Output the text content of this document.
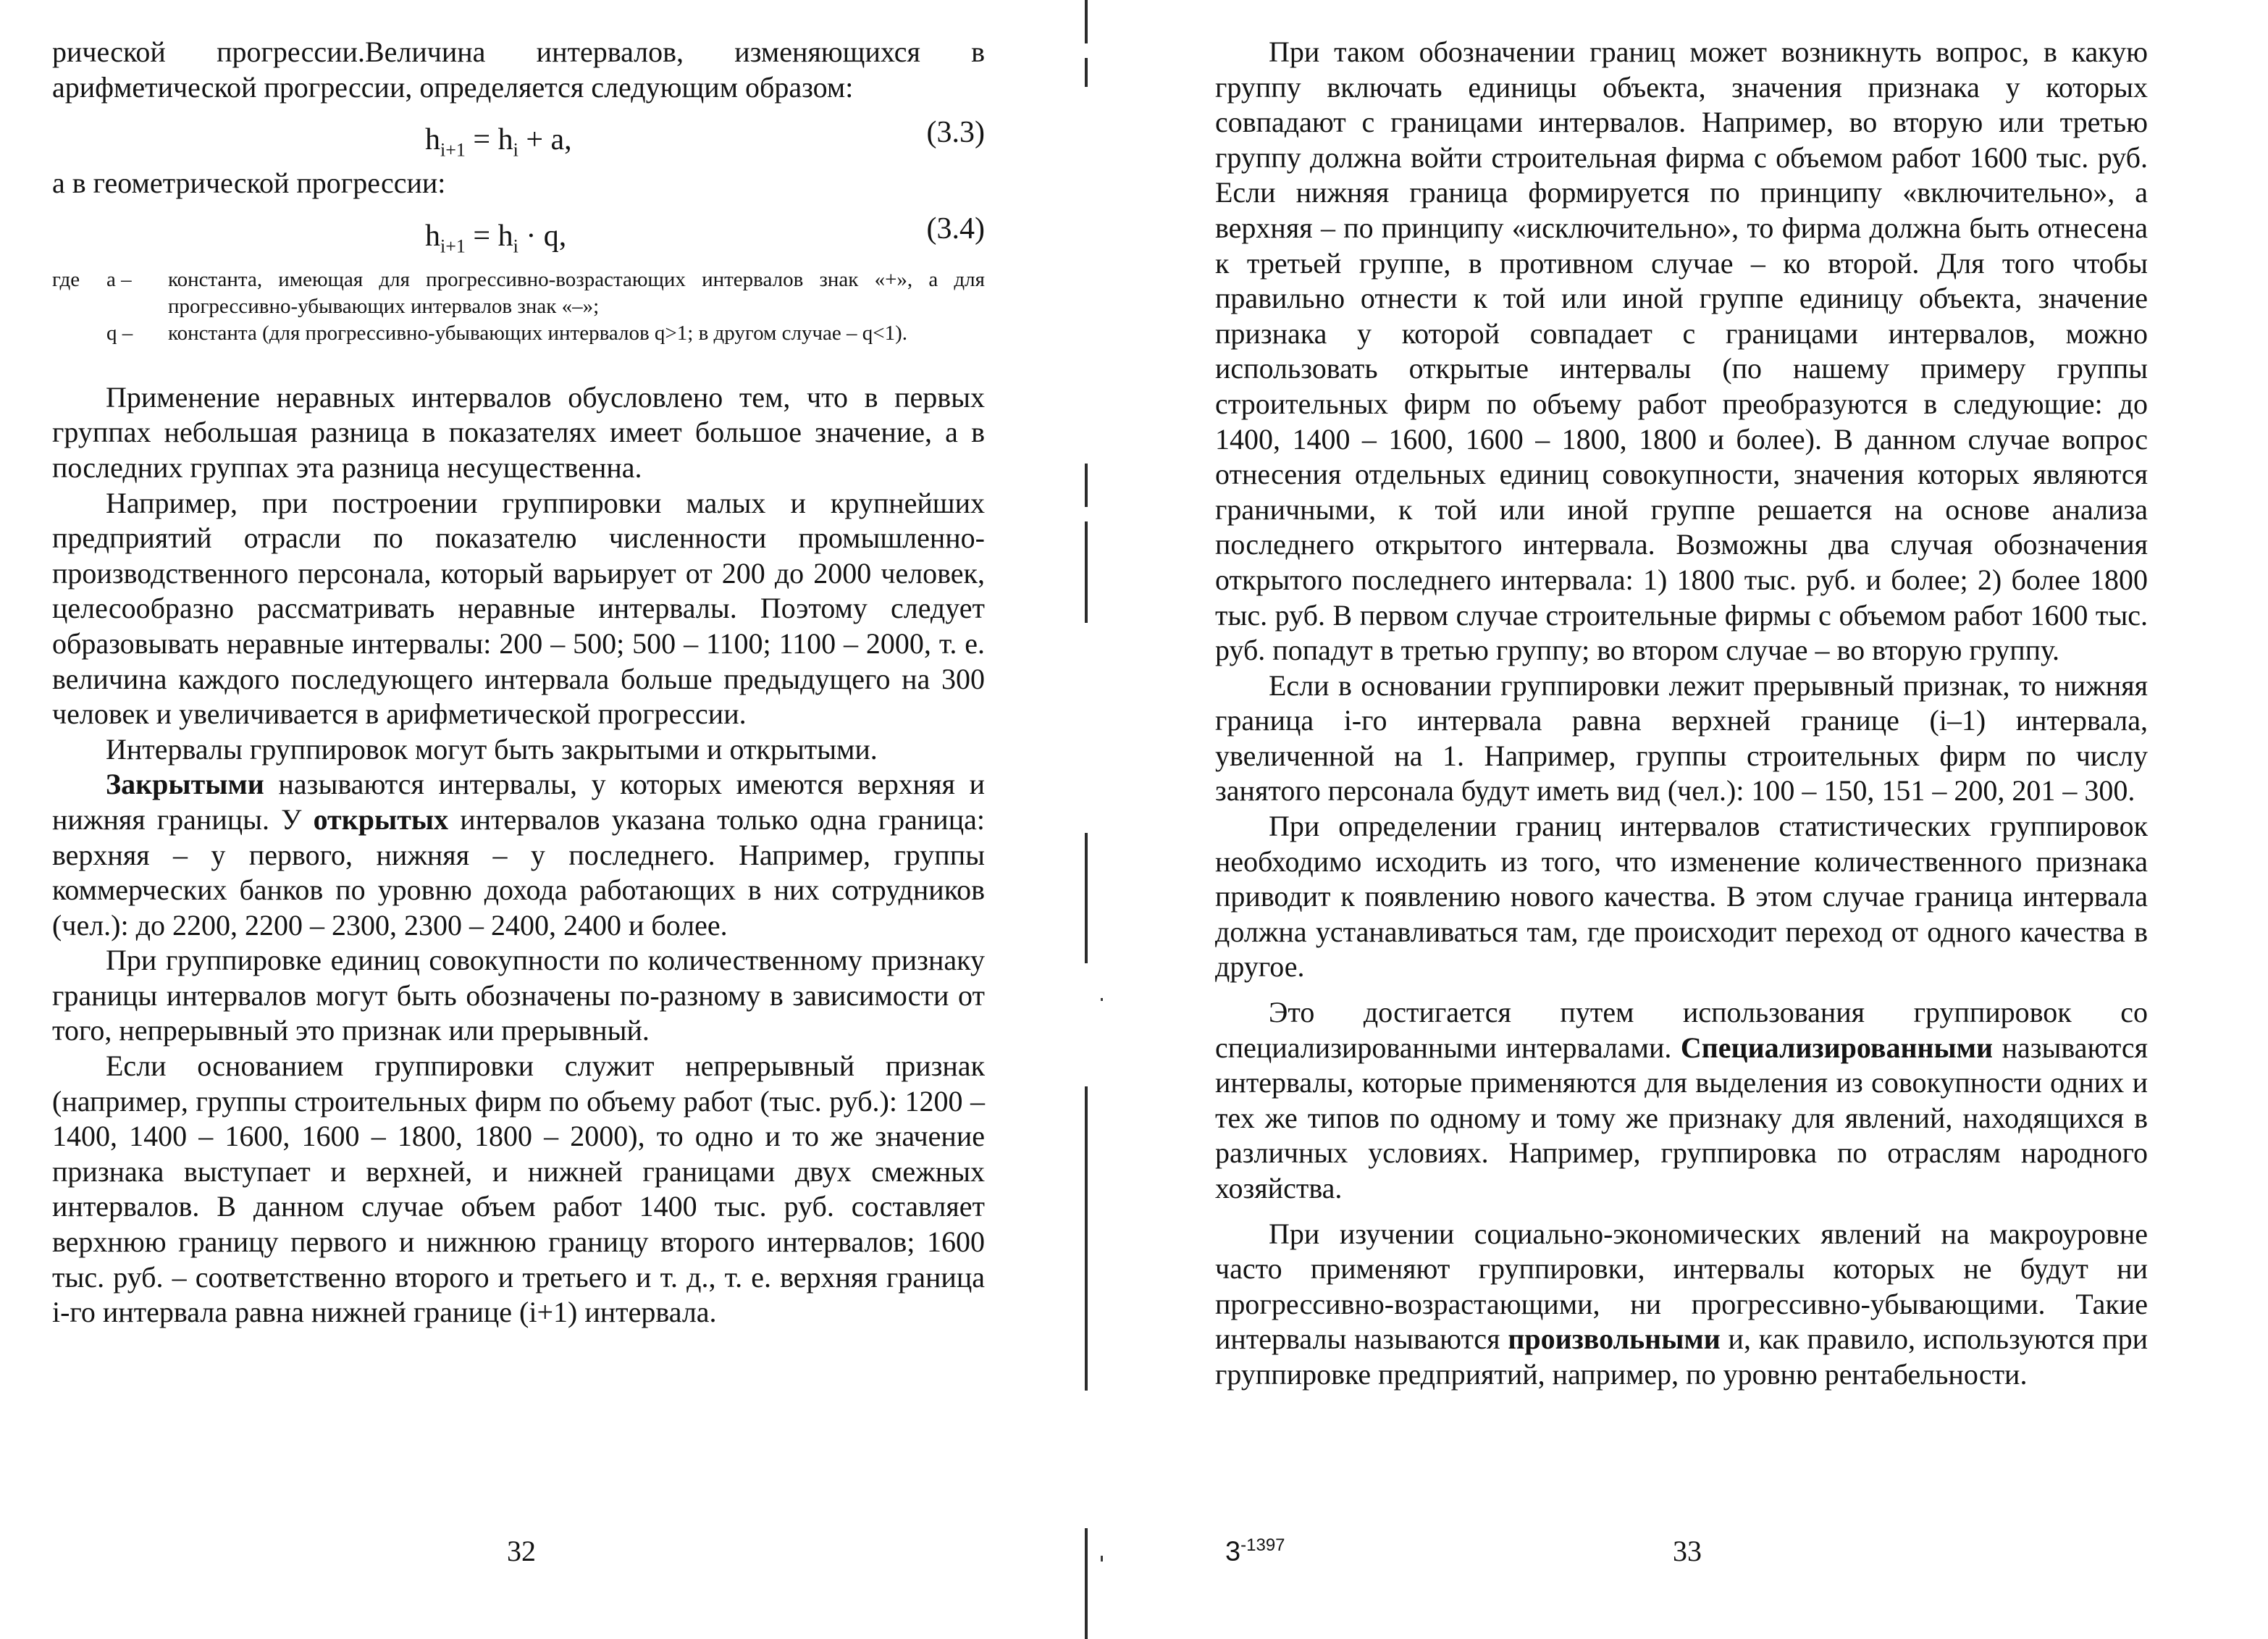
рической прогрессии.Величина интервалов, изменяющихся в арифметической прогрессии, определяется следующим образом:

$h_{i+1} = h_i + a$,	(3.3)

а в геометрической прогрессии:

$h_{i+1} = h_i \cdot q$,	(3.4)
где	а – константа, имеющая для прогрессивно-возрастающих интервалов знак «+», а для прогрессивно-убывающих интервалов знак «–»;
q – константа (для прогрессивно-убывающих интервалов q>1; в другом случае – q<1).

Применение неравных интервалов обусловлено тем, что в первых группах небольшая разница в показателях имеет большое значение, а в последних группах эта разница несущественна.

Например, при построении группировки малых и крупнейших предприятий отрасли по показателю численности промышленно-производственного персонала, который варьирует от 200 до 2000 человек, целесообразно рассматривать неравные интервалы. Поэтому следует образовывать неравные интервалы: 200 – 500; 500 – 1100; 1100 – 2000, т. е. величина каждого последующего интервала больше предыдущего на 300 человек и увеличивается в арифметической прогрессии.

Интервалы группировок могут быть закрытыми и открытыми.

Закрытыми называются интервалы, у которых имеются верхняя и нижняя границы. У открытых интервалов указана только одна граница: верхняя – у первого, нижняя – у последнего. Например, группы коммерческих банков по уровню дохода работающих в них сотрудников (чел.): до 2200, 2200 – 2300, 2300 – 2400, 2400 и более.

При группировке единиц совокупности по количественному признаку границы интервалов могут быть обозначены по-разному в зависимости от того, непрерывный это признак или прерывный.

Если основанием группировки служит непрерывный признак (например, группы строительных фирм по объему работ (тыс. руб.): 1200 – 1400, 1400 – 1600, 1600 – 1800, 1800 – 2000), то одно и то же значение признака выступает и верхней, и нижней границами двух смежных интервалов. В данном случае объем работ 1400 тыс. руб. составляет верхнюю границу первого и нижнюю границу второго интервалов; 1600 тыс. руб. – соответственно второго и третьего и т. д., т. е. верхняя граница i-го интервала равна нижней границе (i+1) интервала.

32

При таком обозначении границ может возникнуть вопрос, в какую группу включать единицы объекта, значения признака у которых совпадают с границами интервалов. Например, во вторую или третью группу должна войти строительная фирма с объемом работ 1600 тыс. руб. Если нижняя граница формируется по принципу «включительно», а верхняя – по принципу «исключительно», то фирма должна быть отнесена к третьей группе, в противном случае – ко второй. Для того чтобы правильно отнести к той или иной группе единицу объекта, значение признака у которой совпадает с границами интервалов, можно использовать открытые интервалы (по нашему примеру группы строительных фирм по объему работ преобразуются в следующие: до 1400, 1400 – 1600, 1600 – 1800, 1800 и более). В данном случае вопрос отнесения отдельных единиц совокупности, значения которых являются граничными, к той или иной группе решается на основе анализа последнего открытого интервала. Возможны два случая обозначения открытого последнего интервала: 1) 1800 тыс. руб. и более; 2) более 1800 тыс. руб. В первом случае строительные фирмы с объемом работ 1600 тыс. руб. попадут в третью группу; во втором случае – во вторую группу.

Если в основании группировки лежит прерывный признак, то нижняя граница i-го интервала равна верхней границе (i–1) интервала, увеличенной на 1. Например, группы строительных фирм по числу занятого персонала будут иметь вид (чел.): 100 – 150, 151 – 200, 201 – 300.

При определении границ интервалов статистических группировок необходимо исходить из того, что изменение количественного признака приводит к появлению нового качества. В этом случае граница интервала должна устанавливаться там, где происходит переход от одного качества в другое.

Это достигается путем использования группировок со специализированными интервалами. Специализированными называются интервалы, которые применяются для выделения из совокупности одних и тех же типов по одному и тому же признаку для явлений, находящихся в различных условиях. Например, группировка по отраслям народного хозяйства.

При изучении социально-экономических явлений на макроуровне часто применяют группировки, интервалы которых не будут ни прогрессивно-возрастающими, ни прогрессивно-убывающими. Такие интервалы называются произвольными и, как правило, используются при группировке предприятий, например, по уровню рентабельности.

$3^{-1397}$	33
